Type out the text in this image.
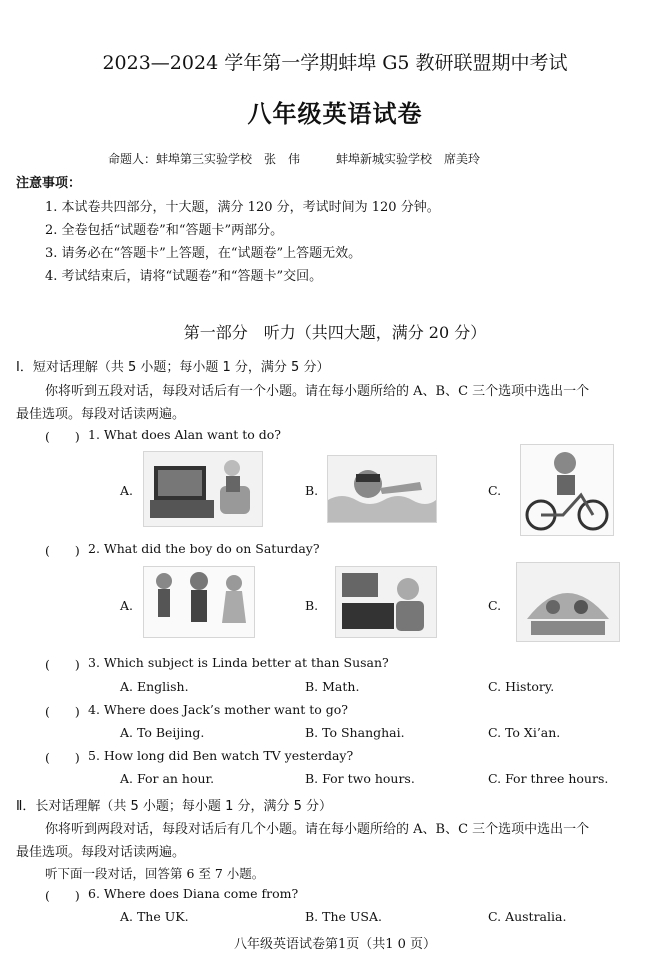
2023—2024 学年第一学期蚌埠 G5 教研联盟期中考试
八年级英语试卷
命题人：蚌埠第三实验学校　张　伟　　　蚌埠新城实验学校　席美玲
注意事项：
1. 本试卷共四部分，十大题，满分 120 分，考试时间为 120 分钟。
2. 全卷包括“试题卷”和“答题卡”两部分。
3. 请务必在“答题卡”上答题，在“试题卷”上答题无效。
4. 考试结束后，请将“试题卷”和“答题卡”交回。
第一部分　听力（共四大题，满分 20 分）
Ⅰ．短对话理解（共 5 小题；每小题 1 分，满分 5 分）
你将听到五段对话，每段对话后有一个小题。请在每小题所给的 A、B、C 三个选项中选出一个
最佳选项。每段对话读两遍。
(　　) 1. What does Alan want to do?
A.	B.	C.
(　　) 2. What did the boy do on Saturday?
A.	B.	C.
(　　) 3. Which subject is Linda better at than Susan?
A. English.	B. Math.	C. History.
(　　) 4. Where does Jack’s mother want to go?
A. To Beijing.	B. To Shanghai.	C. To Xi’an.
(　　) 5. How long did Ben watch TV yesterday?
A. For an hour.	B. For two hours.	C. For three hours.
Ⅱ．长对话理解（共 5 小题；每小题 1 分，满分 5 分）
你将听到两段对话，每段对话后有几个小题。请在每小题所给的 A、B、C 三个选项中选出一个
最佳选项。每段对话读两遍。
听下面一段对话，回答第 6 至 7 小题。
(　　) 6. Where does Diana come from?
A. The UK.	B. The USA.	C. Australia.
八年级英语试卷第1页（共1 0 页）
